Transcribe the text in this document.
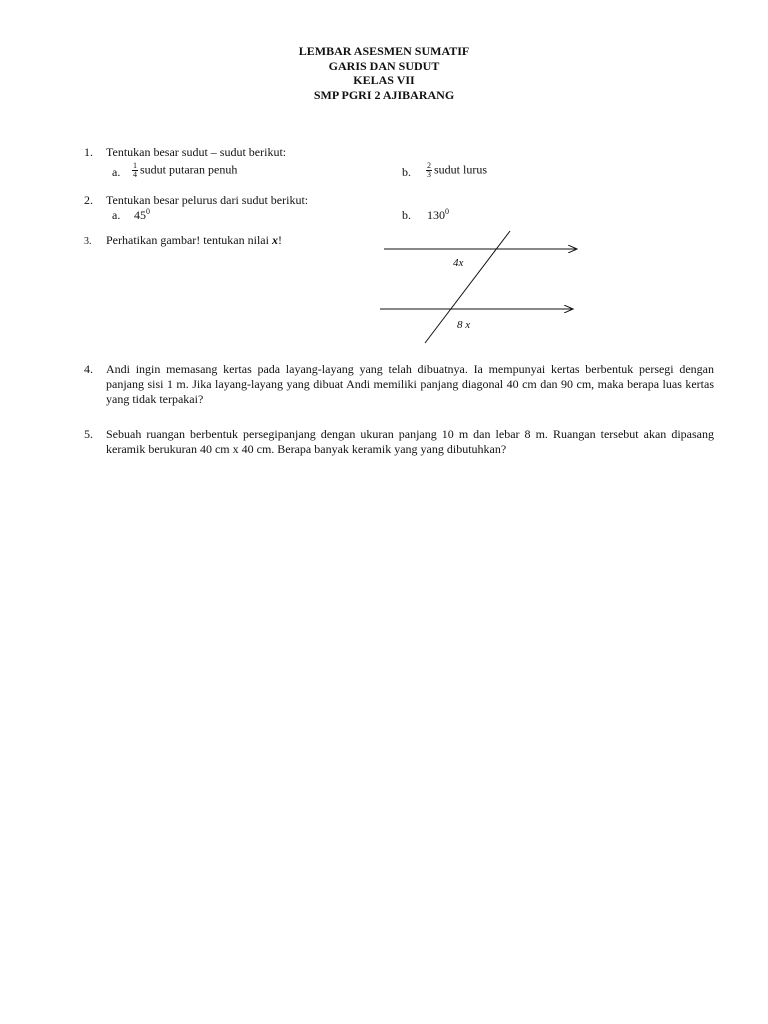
LEMBAR ASESMEN SUMATIF
GARIS DAN SUDUT
KELAS VII
SMP PGRI 2 AJIBARANG
1. Tentukan besar sudut – sudut berikut:
a. $\frac{1}{4}$ sudut putaran penuh	b. $\frac{2}{3}$ sudut lurus
2. Tentukan besar pelurus dari sudut berikut:
a. $45^0$	b. $130^0$
3. Perhatikan gambar! tentukan nilai x!
4x
8 x
4. Andi ingin memasang kertas pada layang-layang yang telah dibuatnya. Ia mempunyai kertas berbentuk persegi dengan panjang sisi 1 m. Jika layang-layang yang dibuat Andi memiliki panjang diagonal 40 cm dan 90 cm, maka berapa luas kertas yang tidak terpakai?
5. Sebuah ruangan berbentuk persegipanjang dengan ukuran panjang 10 m dan lebar 8 m. Ruangan tersebut akan dipasang keramik berukuran 40 cm x 40 cm. Berapa banyak keramik yang yang dibutuhkan?
